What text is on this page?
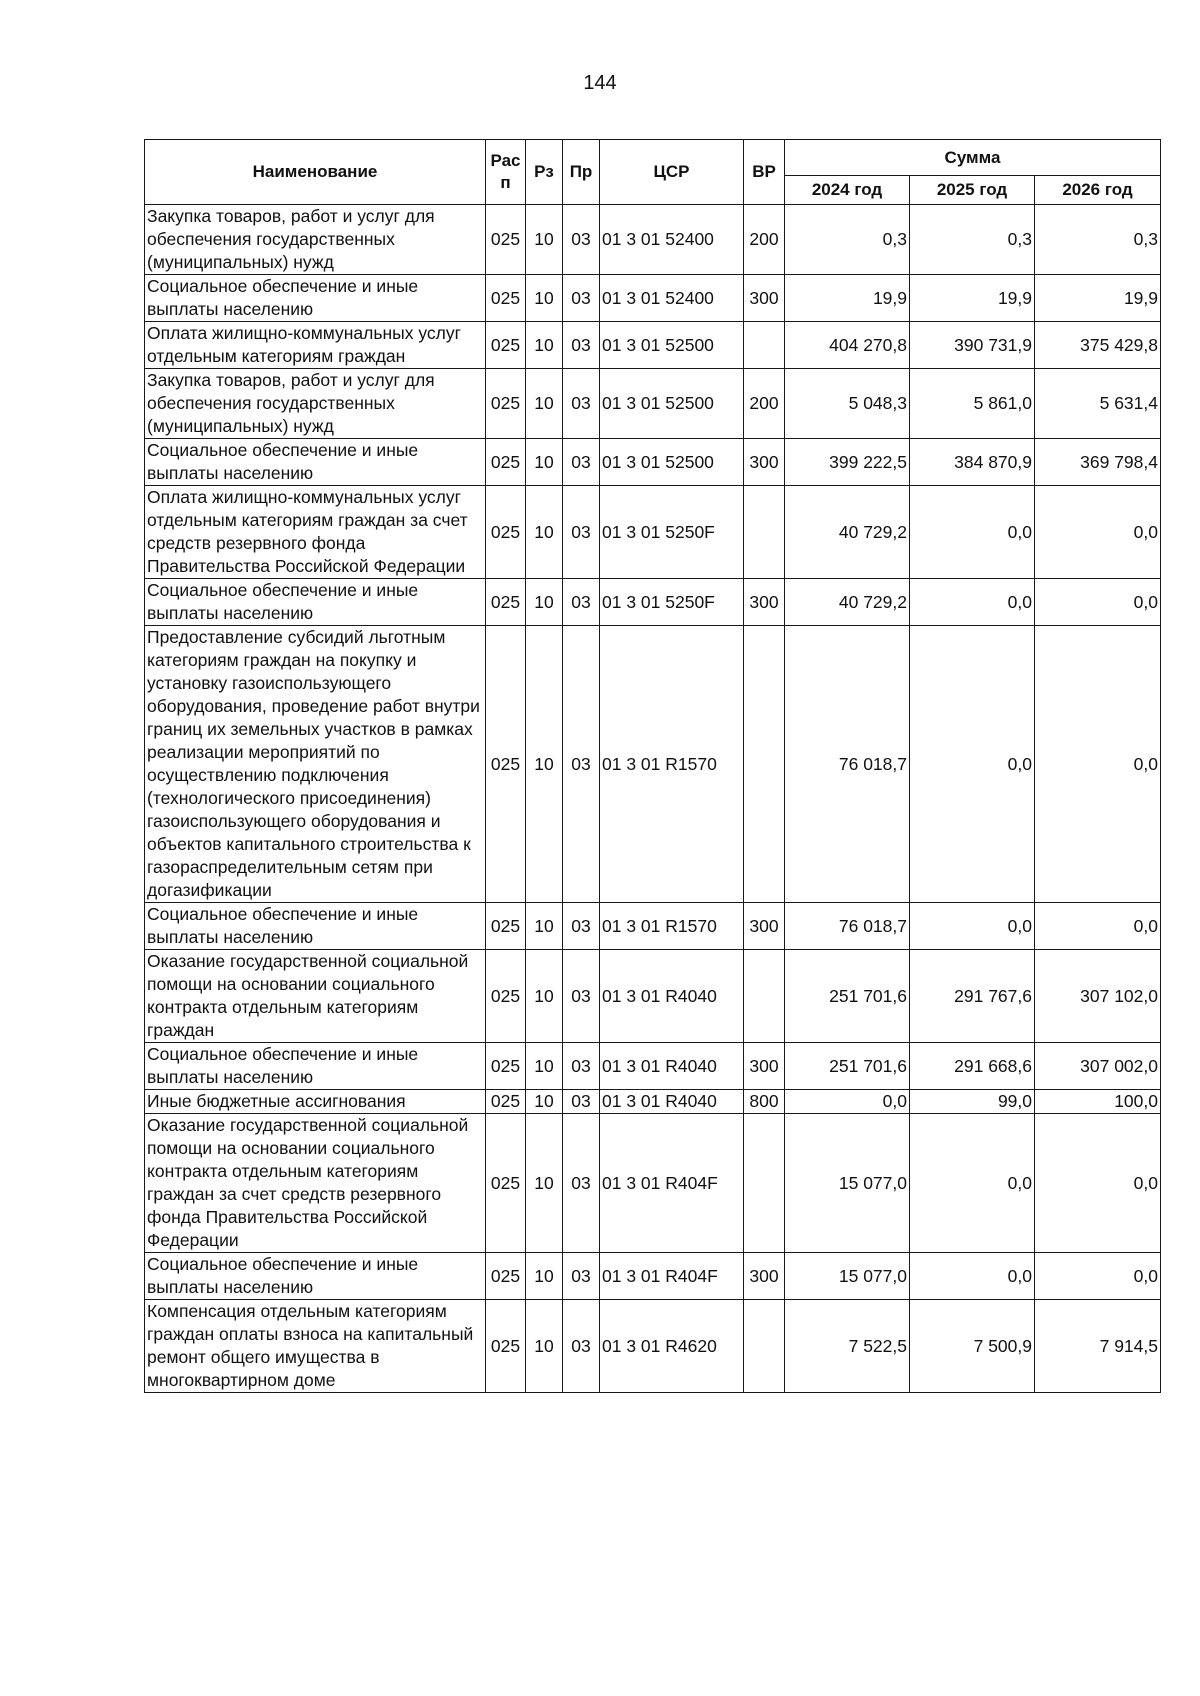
144
Наименование	Рас п	Рз	Пр	ЦСР	ВР	Сумма		
						2024 год	2025 год	2026 год
Закупка товаров, работ и услуг для обеспечения государственных (муниципальных) нужд	025	10	03	01 3 01 52400	200	0,3	0,3	0,3
Социальное обеспечение и иные выплаты населению	025	10	03	01 3 01 52400	300	19,9	19,9	19,9
Оплата жилищно-коммунальных услуг отдельным категориям граждан	025	10	03	01 3 01 52500		404 270,8	390 731,9	375 429,8
Закупка товаров, работ и услуг для обеспечения государственных (муниципальных) нужд	025	10	03	01 3 01 52500	200	5 048,3	5 861,0	5 631,4
Социальное обеспечение и иные выплаты населению	025	10	03	01 3 01 52500	300	399 222,5	384 870,9	369 798,4
Оплата жилищно-коммунальных услуг отдельным категориям граждан за счет средств резервного фонда Правительства Российской Федерации	025	10	03	01 3 01 5250F		40 729,2	0,0	0,0
Социальное обеспечение и иные выплаты населению	025	10	03	01 3 01 5250F	300	40 729,2	0,0	0,0
Предоставление субсидий льготным категориям граждан на покупку и установку газоиспользующего оборудования, проведение работ внутри границ их земельных участков в рамках реализации мероприятий по осуществлению подключения (технологического присоединения) газоиспользующего оборудования и объектов капитального строительства к газораспределительным сетям при догазификации	025	10	03	01 3 01 R1570		76 018,7	0,0	0,0
Социальное обеспечение и иные выплаты населению	025	10	03	01 3 01 R1570	300	76 018,7	0,0	0,0
Оказание государственной социальной помощи на основании социального контракта отдельным категориям граждан	025	10	03	01 3 01 R4040		251 701,6	291 767,6	307 102,0
Социальное обеспечение и иные выплаты населению	025	10	03	01 3 01 R4040	300	251 701,6	291 668,6	307 002,0
Иные бюджетные ассигнования	025	10	03	01 3 01 R4040	800	0,0	99,0	100,0
Оказание государственной социальной помощи на основании социального контракта отдельным категориям граждан за счет средств резервного фонда Правительства Российской Федерации	025	10	03	01 3 01 R404F		15 077,0	0,0	0,0
Социальное обеспечение и иные выплаты населению	025	10	03	01 3 01 R404F	300	15 077,0	0,0	0,0
Компенсация отдельным категориям граждан оплаты взноса на капитальный ремонт общего имущества в многоквартирном доме	025	10	03	01 3 01 R4620		7 522,5	7 500,9	7 914,5
